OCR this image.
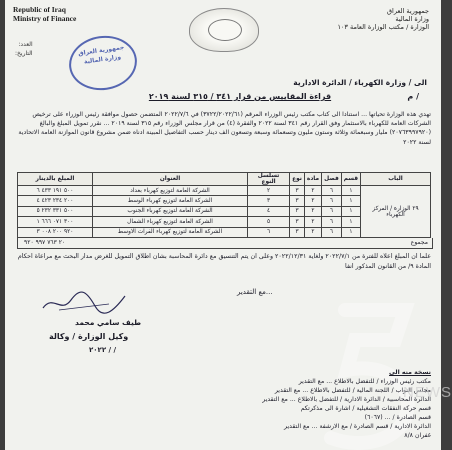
Republic of Iraq
Ministry of Finance
جمهورية العراق
وزارة المالية
الوزارة / مكتب الوزارة العامة ١٠٣
العدد:
التاريخ:	جمهورية العراق وزارة المالية
الى / وزارة الكهرباء / الدائرة الادارية
م /
قراءة المقاييس من قرار ٣٤١ / ٣١٥ لسنة ٢٠١٩
تهدي هذه الوزارة تحياتها ... استنادا الى كتاب مكتب رئيس الوزراء المرقم (٣٧٢٢/٢٠٢٢/٦١) في ٢٠٢٢/٧/٦ المتضمن حصول موافقة رئيس الوزراء على ترخيص الشركات العامة للكهرباء بالاستثمار وفق القرار رقم ٣٤١ لسنة ٢٠٢٢ والفقرة (٤) من قرار مجلس الوزراء رقم ٣١٥ لسنة ٢٠١٩ ... نقرر تمويل المبلغ والبالغ (٢٠٧٦٣٩٩٧٩٢٠) مليار وسبعمائة وثلاثة وستون مليون وتسعمائة وسبعة وتسعون الف دينار حسب التفاصيل المبينة ادناه ضمن مشروع قانون الموازنة العامة الاتحادية لسنة ٢٠٢٢
الباب	قسم	فصل	مادة	نوع	تسلسل النوع	العنوان	المبلغ بالدينار
٢٩ الوزارة / المركز الكهرباء	١	٦	٢	٣	٢	الشركة العامة لتوزيع كهرباء بغداد	٥٠٠ ١٩١ ٤٣٣ ٦
	١	٦	٢	٣	٣	الشركة العامة لتوزيع كهرباء الوسط	٢٠٠ ٢٣٤ ٤٢٣ ٤
	١	٦	٢	٣	٤	الشركة العامة لتوزيع كهرباء الجنوب	٥٠٠ ٣٣١ ٢٣٢ ٥
	١	٦	٢	٣	٥	الشركة العامة لتوزيع كهرباء الشمال	٣٠٠ ٠٧١ ٦٦٦ ١
	١	٦	٢	٣	٦	الشركة العامة لتوزيع كهرباء الفرات الاوسط	٩٢٠ ٢٠٠ ٠٠٨ ٣
مجموع
٢٠ ٧٦٣ ٩٩٧ ٩٢٠
علما ان المبلغ اعلاه للفترة من ٢٠٢٢/٧/١ ولغاية ٢٠٢٢/١٢/٣١ وعلى ان يتم التنسيق مع دائرة المحاسبة بشان اطلاق التمويل للغرض مدار البحث مع مراعاة احكام المادة ٩/ من القانون المذكور انفا
...مع التقدير
طيف سامي محمد
وكيل الوزارة / وكالة
/ / ٢٠٢٢
نسخة منه الى
مكتب رئيس الوزراء / للتفضل بالاطلاع ... مع التقدير
مجلس النواب / اللجنة المالية / للتفضل بالاطلاع ... مع التقدير
الدائرة المحاسبية / الدائرة الادارية / للتفضل بالاطلاع ... مع التقدير
قسم حركة النفقات التشغيلية / اشارة الى مذكرتكم
قسم الصادرة / ... (٦٠٦٧)
الدائرة الادارية / قسم الصادرة / مع الارشفة ... مع التقدير
غفران ٨/٨
NEWS
